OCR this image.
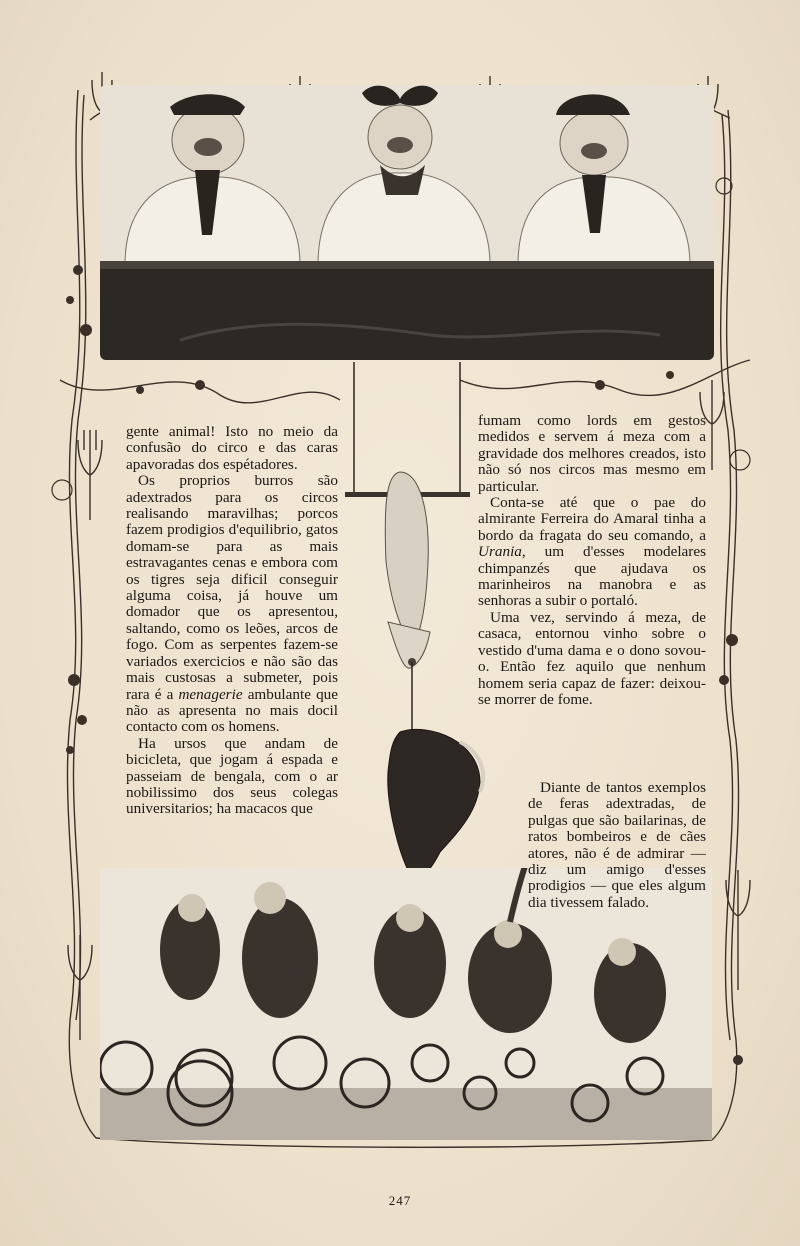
gente animal! Isto no meio da confusão do circo e das caras apavoradas dos espétadores.

Os proprios burros são adextrados para os circos realisando maravilhas; porcos fazem prodigios d'equilibrio, gatos domam-se para as mais estravagantes cenas e embora com os tigres seja dificil conseguir alguma coisa, já houve um domador que os apresentou, saltando, como os leões, arcos de fogo. Com as serpentes fazem-se variados exercicios e não são das mais custosas a submeter, pois rara é a menagerie ambulante que não as apresenta no mais docil contacto com os homens.

Ha ursos que andam de bicicleta, que jogam á espada e passeiam de bengala, com o ar nobilissimo dos seus colegas universitarios; ha macacos que

fumam como lords em gestos medidos e servem á meza com a gravidade dos melhores creados, isto não só nos circos mas mesmo em particular.

Conta-se até que o pae do almirante Ferreira do Amaral tinha a bordo da fragata do seu comando, a Urania, um d'esses modelares chimpanzés que ajudava os marinheiros na manobra e as senhoras a subir o portaló.

Uma vez, servindo á meza, de casaca, entornou vinho sobre o vestido d'uma dama e o dono sovou-o. Então fez aquilo que nenhum homem seria capaz de fazer: deixou-se morrer de fome.

Diante de tantos exemplos de feras adextradas, de pulgas que são bailarinas, de ratos bombeiros e de cães atores, não é de admirar — diz um amigo d'esses prodigios — que eles algum dia tivessem falado.

247
